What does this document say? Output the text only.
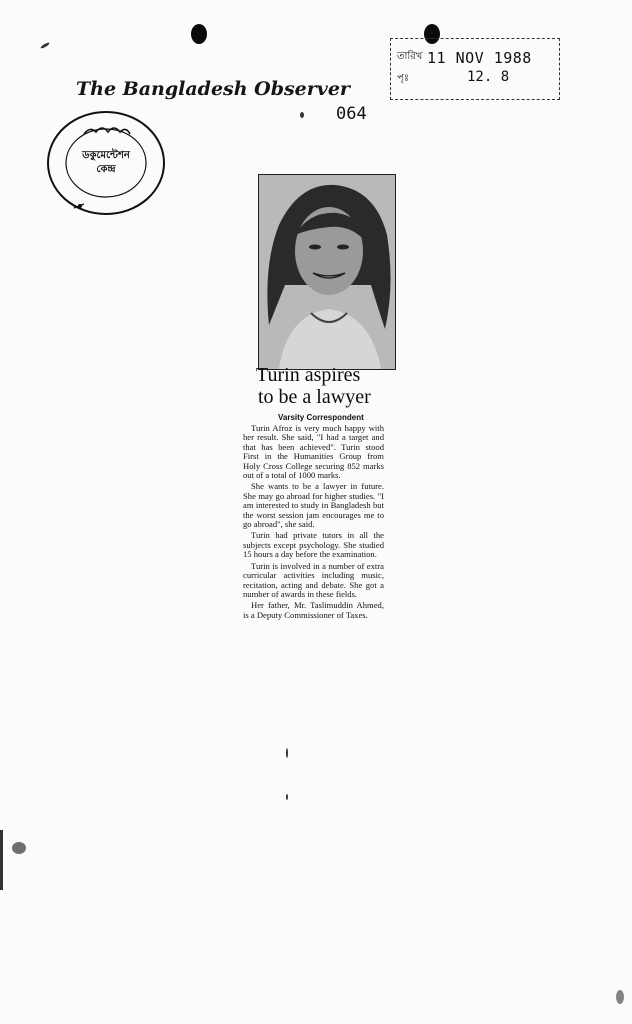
The Bangladesh Observer
064
তারিখ 11 NOV 1988
পৃঃ	12. 8
ডকুমেন্টেশন
কেন্দ্র
Turin aspires
to be a lawyer
Varsity Correspondent

Turin Afroz is very much happy with her result. She said, "I had a target and that has been achieved". Turin stood First in the Humanities Group from Holy Cross College securing 852 marks out of a total of 1000 marks.

She wants to be a lawyer in future. She may go abroad for higher studies. "I am interested to study in Bangladesh but the worst session jam encourages me to go abroad", she said.

Turin had private tutors in all the subjects except psychology. She studied 15 hours a day before the examination.

Turin is involved in a number of extra curricular activities including music, recitation, acting and debate. She got a number of awards in these fields.

Her father, Mr. Taslimuddin Ahmed, is a Deputy Commissioner of Taxes.
